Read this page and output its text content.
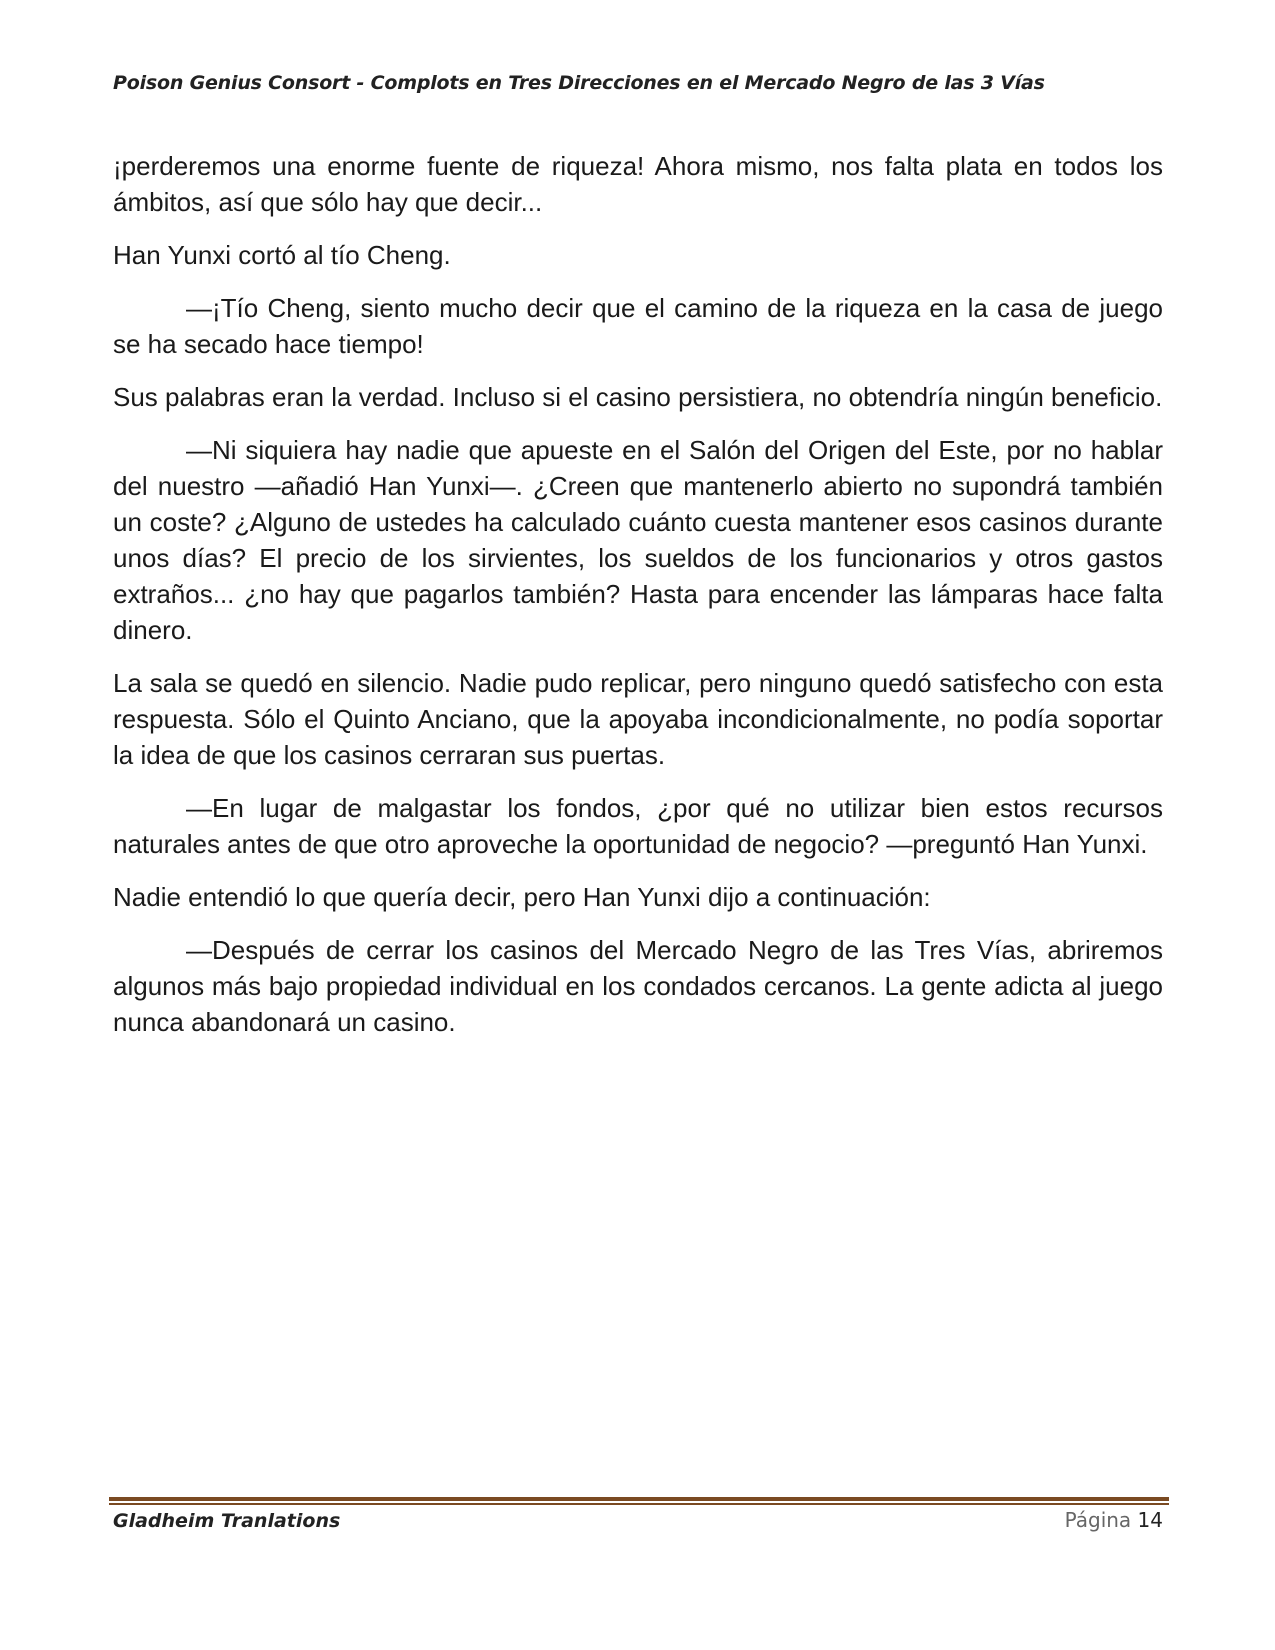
Poison Genius Consort - Complots en Tres Direcciones en el Mercado Negro de las 3 Vías

¡perderemos una enorme fuente de riqueza! Ahora mismo, nos falta plata en todos los ámbitos, así que sólo hay que decir...

Han Yunxi cortó al tío Cheng.

—¡Tío Cheng, siento mucho decir que el camino de la riqueza en la casa de juego se ha secado hace tiempo!

Sus palabras eran la verdad. Incluso si el casino persistiera, no obtendría ningún beneficio.

—Ni siquiera hay nadie que apueste en el Salón del Origen del Este, por no hablar del nuestro —añadió Han Yunxi—. ¿Creen que mantenerlo abierto no supondrá también un coste? ¿Alguno de ustedes ha calculado cuánto cuesta mantener esos casinos durante unos días? El precio de los sirvientes, los sueldos de los funcionarios y otros gastos extraños... ¿no hay que pagarlos también? Hasta para encender las lámparas hace falta dinero.

La sala se quedó en silencio. Nadie pudo replicar, pero ninguno quedó satisfecho con esta respuesta. Sólo el Quinto Anciano, que la apoyaba incondicionalmente, no podía soportar la idea de que los casinos cerraran sus puertas.

—En lugar de malgastar los fondos, ¿por qué no utilizar bien estos recursos naturales antes de que otro aproveche la oportunidad de negocio? —preguntó Han Yunxi.

Nadie entendió lo que quería decir, pero Han Yunxi dijo a continuación:

—Después de cerrar los casinos del Mercado Negro de las Tres Vías, abriremos algunos más bajo propiedad individual en los condados cercanos. La gente adicta al juego nunca abandonará un casino.

Gladheim Tranlations	Página 14
